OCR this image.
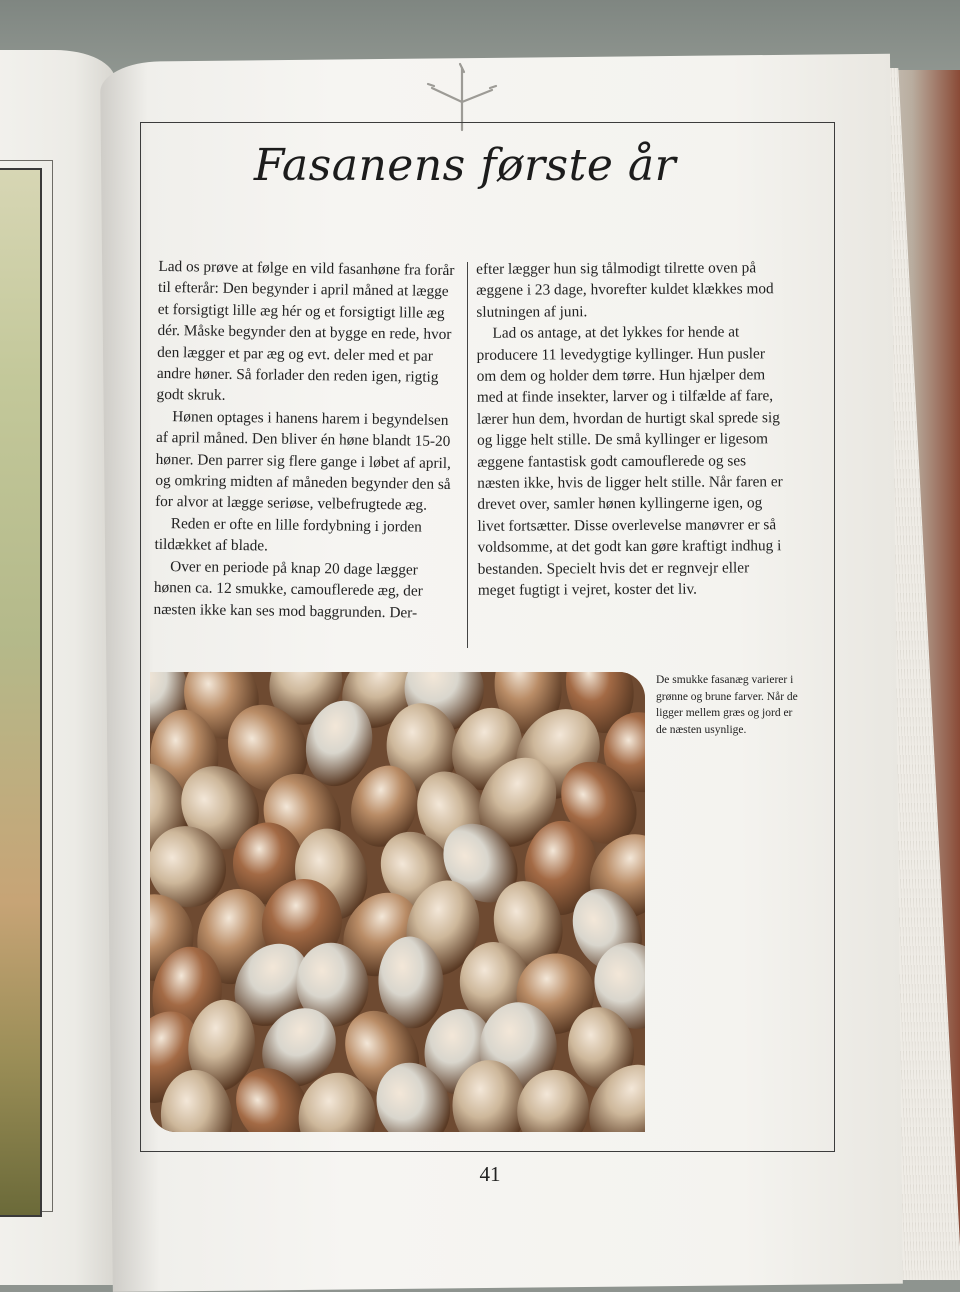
Fasanens første år

Lad os prøve at følge en vild fasanhøne fra forår til efterår: Den begynder i april måned at lægge et forsigtigt lille æg hér og et forsigtigt lille æg dér. Måske begynder den at bygge en rede, hvor den lægger et par æg og evt. deler med et par andre høner. Så forlader den reden igen, rigtig godt skruk.

Hønen optages i hanens harem i begyndelsen af april måned. Den bliver én høne blandt 15-20 høner. Den parrer sig flere gange i løbet af april, og omkring midten af måneden begynder den så for alvor at lægge seriøse, velbefrugtede æg.

Reden er ofte en lille fordybning i jorden tildækket af blade.

Over en periode på knap 20 dage lægger hønen ca. 12 smukke, camouflerede æg, der næsten ikke kan ses mod baggrunden. Der-

efter lægger hun sig tålmodigt tilrette oven på æggene i 23 dage, hvorefter kuldet klækkes mod slutningen af juni.

Lad os antage, at det lykkes for hende at producere 11 levedygtige kyllinger. Hun pusler om dem og holder dem tørre. Hun hjælper dem med at finde insekter, larver og i tilfælde af fare, lærer hun dem, hvordan de hurtigt skal sprede sig og ligge helt stille. De små kyllinger er ligesom æggene fantastisk godt camouflerede og ses næsten ikke, hvis de ligger helt stille. Når faren er drevet over, samler hønen kyllingerne igen, og livet fortsætter. Disse overlevelse manøvrer er så voldsomme, at det godt kan gøre kraftigt indhug i bestanden. Specielt hvis det er regnvejr eller meget fugtigt i vejret, koster det liv.

De smukke fasanæg varierer i grønne og brune farver. Når de ligger mellem græs og jord er de næsten usynlige.

41
